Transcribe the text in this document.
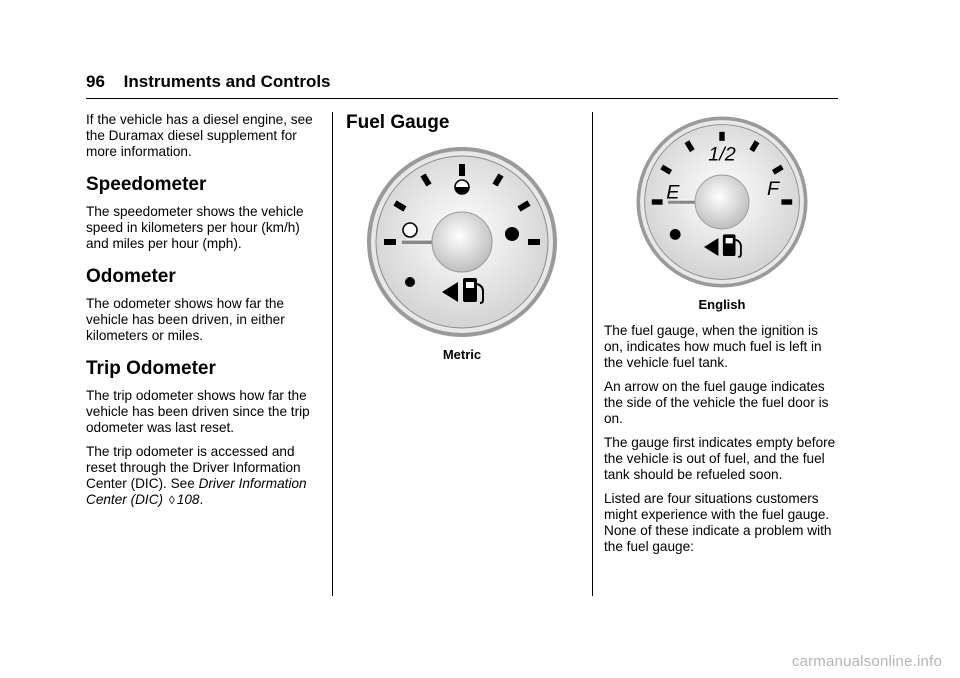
96 Instruments and Controls

If the vehicle has a diesel engine, see the Duramax diesel supplement for more information.

Speedometer

The speedometer shows the vehicle speed in kilometers per hour (km/h) and miles per hour (mph).

Odometer

The odometer shows how far the vehicle has been driven, in either kilometers or miles.

Trip Odometer

The trip odometer shows how far the vehicle has been driven since the trip odometer was last reset.

The trip odometer is accessed and reset through the Driver Information Center (DIC). See Driver Information Center (DIC) ◊ 108.

Fuel Gauge
Metric
1/2
E	F
English

The fuel gauge, when the ignition is on, indicates how much fuel is left in the vehicle fuel tank.

An arrow on the fuel gauge indicates the side of the vehicle the fuel door is on.

The gauge first indicates empty before the vehicle is out of fuel, and the fuel tank should be refueled soon.

Listed are four situations customers might experience with the fuel gauge. None of these indicate a problem with the fuel gauge:

carmanualsonline.info
